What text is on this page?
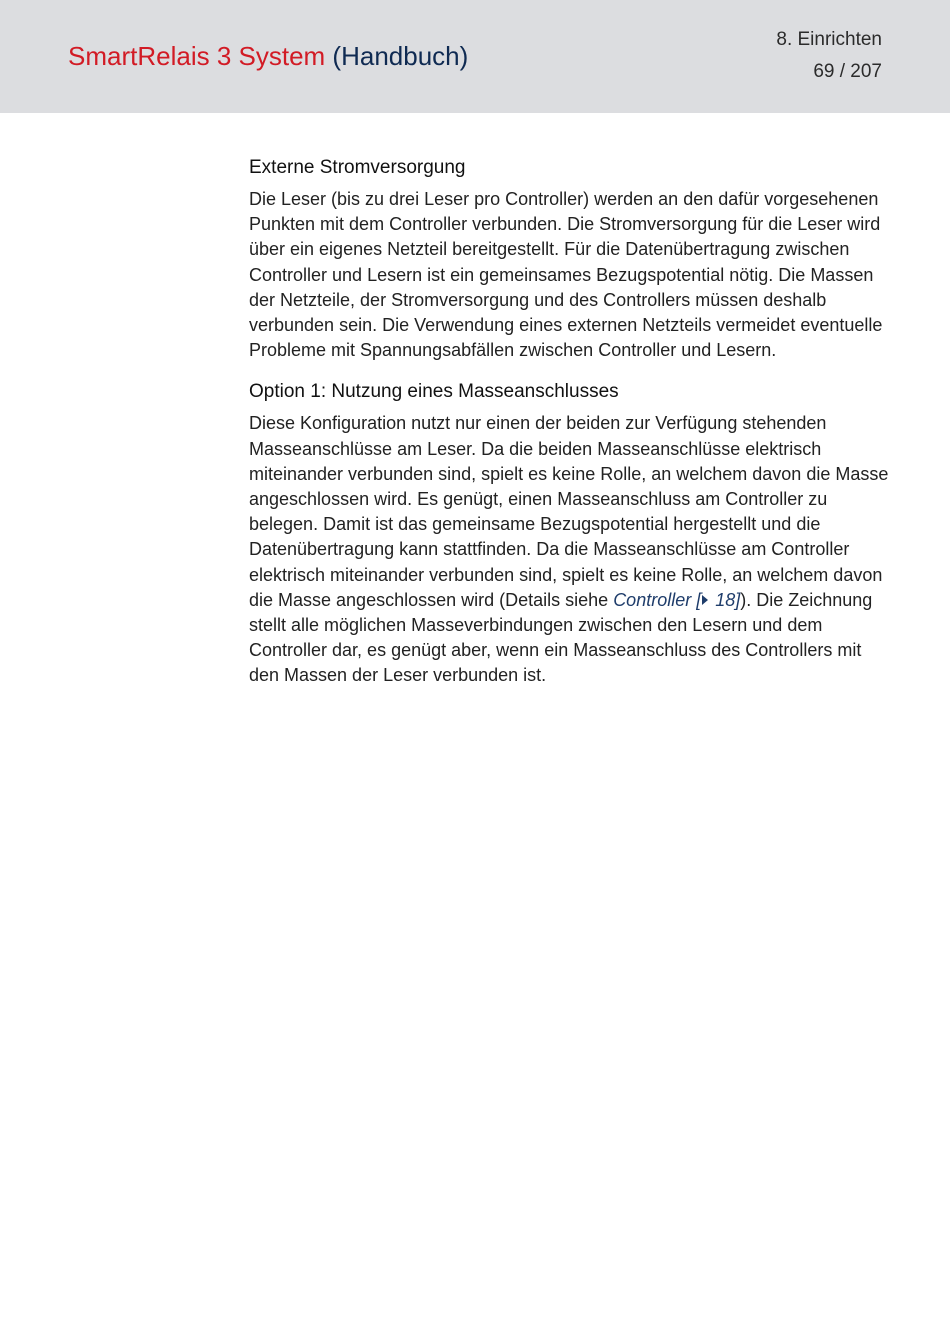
SmartRelais 3 System (Handbuch)
8. Einrichten
69 / 207
Externe Stromversorgung

Die Leser (bis zu drei Leser pro Controller) werden an den dafür vorgesehenen Punkten mit dem Controller verbunden. Die Stromversorgung für die Leser wird über ein eigenes Netzteil bereitgestellt. Für die Datenübertragung zwischen Controller und Lesern ist ein gemeinsames Bezugspotential nötig. Die Massen der Netzteile, der Stromversorgung und des Controllers müssen deshalb verbunden sein. Die Verwendung eines externen Netzteils vermeidet eventuelle Probleme mit Spannungsabfällen zwischen Controller und Lesern.

Option 1: Nutzung eines Masseanschlusses

Diese Konfiguration nutzt nur einen der beiden zur Verfügung stehenden Masseanschlüsse am Leser. Da die beiden Masseanschlüsse elektrisch miteinander verbunden sind, spielt es keine Rolle, an welchem davon die Masse angeschlossen wird. Es genügt, einen Masseanschluss am Controller zu belegen. Damit ist das gemeinsame Bezugspotential hergestellt und die Datenübertragung kann stattfinden. Da die Masseanschlüsse am Controller elektrisch miteinander verbunden sind, spielt es keine Rolle, an welchem davon die Masse angeschlossen wird (Details siehe Controller [ 18]). Die Zeichnung stellt alle möglichen Masseverbindungen zwischen den Lesern und dem Controller dar, es genügt aber, wenn ein Masseanschluss des Controllers mit den Massen der Leser verbunden ist.
